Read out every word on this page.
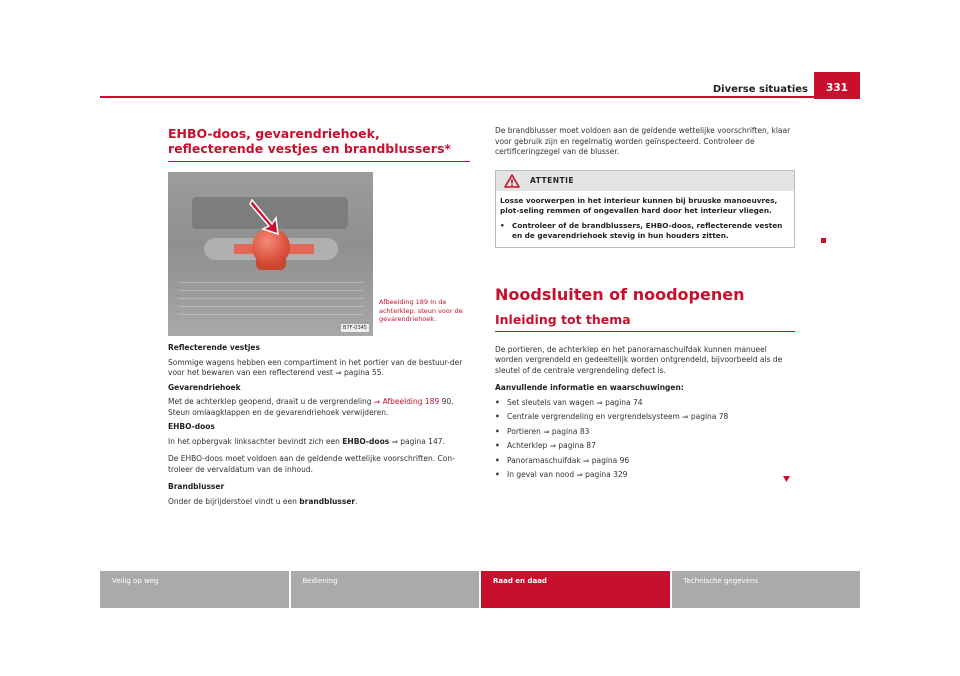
Diverse situaties	331
EHBO-doos, gevarendriehoek, reflecterende vestjes en brandblussers*
B7F-0345
Afbeelding 189 In de achterklep: steun voor de gevarendriehoek.

Reflecterende vestjes

Sommige wagens hebben een compartiment in het portier van de bestuur-der voor het bewaren van een reflecterend vest ⇒ pagina 55.

Gevarendriehoek

Met de achterklep geopend, draait u de vergrendeling ⇒ Afbeelding 189 90. Steun omlaagklappen en de gevarendriehoek verwijderen.

EHBO-doos

In het opbergvak linksachter bevindt zich een EHBO-doos ⇒ pagina 147.

De EHBO-doos moet voldoen aan de geldende wettelijke voorschriften. Con-troleer de vervaldatum van de inhoud.

Brandblusser

Onder de bijrijderstoel vindt u een brandblusser.

De brandblusser moet voldoen aan de geldende wettelijke voorschriften, klaar voor gebruik zijn en regelmatig worden geïnspecteerd. Controleer de certificeringzegel van de blusser.

ATTENTIE

Losse voorwerpen in het interieur kunnen bij bruuske manoeuvres, plot-seling remmen of ongevallen hard door het interieur vliegen.

•	Controleer of de brandblussers, EHBO-doos, reflecterende vesten en de gevarendriehoek stevig in hun houders zitten.

Noodsluiten of noodopenen
Inleiding tot thema

De portieren, de achterklep en het panoramaschuifdak kunnen manueel worden vergrendeld en gedeeltelijk worden ontgrendeld, bijvoorbeeld als de sleutel of de centrale vergrendeling defect is.

Aanvullende informatie en waarschuwingen:

• Set sleutels van wagen ⇒ pagina 74
• Centrale vergrendeling en vergrendelsysteem ⇒ pagina 78
• Portieren ⇒ pagina 83
• Achterklep ⇒ pagina 87
• Panoramaschuifdak ⇒ pagina 96
• In geval van nood ⇒ pagina 329
Veilig op weg	Bediening	Raad en daad	Technische gegevens
